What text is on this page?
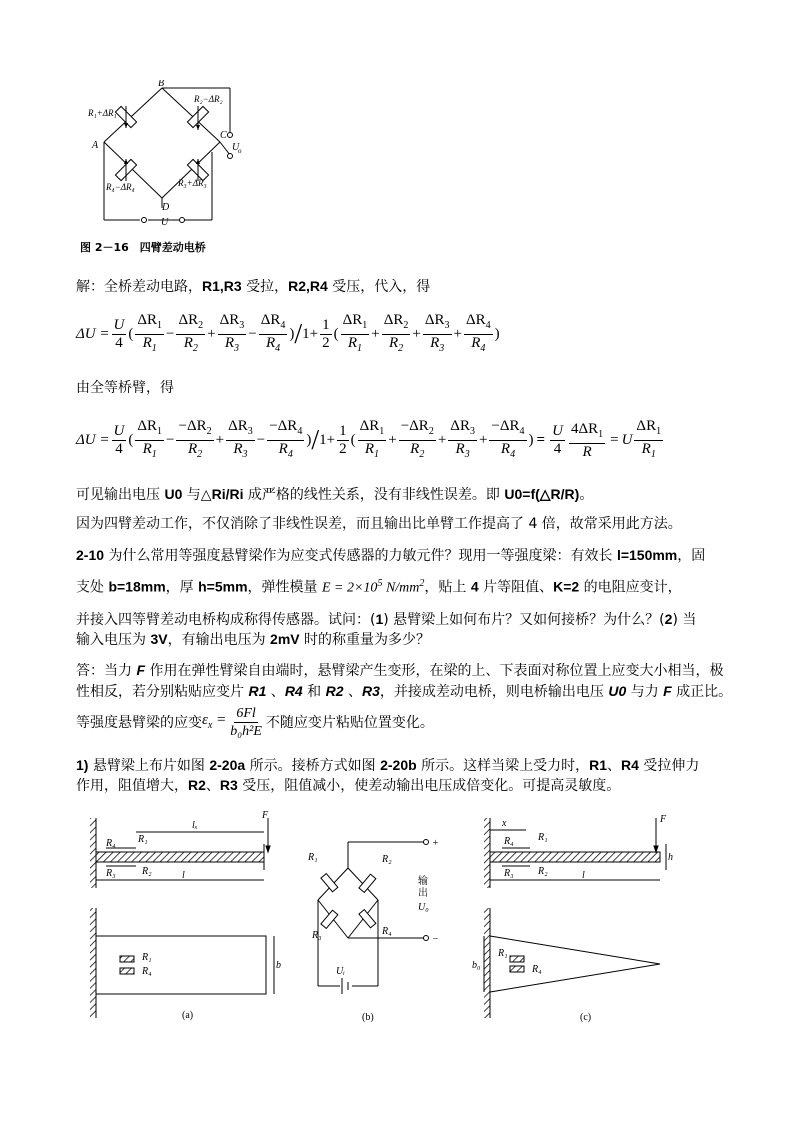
B
A
C
D
U
U
o
R₁+ΔR₁
R₂−ΔR₂
R₃+ΔR₃
R₄−ΔR₄
图 2－16　四臂差动电桥
解：全桥差动电路，R1,R3 受拉，R2,R4 受压，代入，得
$\Delta U = \frac{U}{4}$ ( $\frac{\Delta R_1}{R_1} - \frac{\Delta R_2}{R_2} + \frac{\Delta R_3}{R_3} - \frac{\Delta R_4}{R_4}$ ) / $1+ \frac{1}{2}$ ( $\frac{\Delta R_1}{R_1} + \frac{\Delta R_2}{R_2} + \frac{\Delta R_3}{R_3} + \frac{\Delta R_4}{R_4}$ )
由全等桥臂，得
$\Delta U = \frac{U}{4}$ ( $\frac{\Delta R_1}{R_1} - \frac{-\Delta R_2}{R_2} + \frac{\Delta R_3}{R_3} - \frac{-\Delta R_4}{R_4}$ ) / $1+ \frac{1}{2}$ ( $\frac{\Delta R_1}{R_1} + \frac{-\Delta R_2}{R_2} + \frac{\Delta R_3}{R_3} + \frac{-\Delta R_4}{R_4}$ ) = $\frac{U}{4} \frac{4\Delta R_1}{R} = U \frac{\Delta R_1}{R_1}$
可见输出电压 U0 与△Ri/Ri 成严格的线性关系，没有非线性误差。即 U0=f(△R/R)。
因为四臂差动工作，不仅消除了非线性误差，而且输出比单臂工作提高了 4 倍，故常采用此方法。
2-10 为什么常用等强度悬臂梁作为应变式传感器的力敏元件？现用一等强度梁：有效长 l=150mm，固
支处 b=18mm，厚 h=5mm，弹性模量 $E = 2\times 10^5$ $N/mm^2$，贴上 4 片等阻值、K=2 的电阻应变计，
并接入四等臂差动电桥构成称得传感器。试问：(1) 悬臂梁上如何布片？又如何接桥？为什么？(2) 当
输入电压为 3V，有输出电压为 2mV 时的称重量为多少？
答：当力 F 作用在弹性臂梁自由端时，悬臂梁产生变形，在梁的上、下表面对称位置上应变大小相当，极
性相反，若分别粘贴应变片 R1 、R4 和 R2 、R3，并接成差动电桥，则电桥输出电压 U0 与力 F 成正比。
等强度悬臂梁的应变 $\varepsilon_x = \frac{6Fl}{\text{b₀h²E}}$ 不随应变片粘贴位置变化。
1) 悬臂梁上布片如图 2-20a 所示。接桥方式如图 2-20b 所示。这样当梁上受力时，R1、R4 受拉伸力
作用，阻值增大，R2、R3 受压，阻值减小，使差动输出电压成倍变化。可提高灵敏度。
F
lₓ
l
R₄ R₁
R₃	R₂
b
R₁
R₄
R₁	R₂
R₃	R₄
+
−
输
出
U₀
Uᵢ
F
x
h
l
R₄ R₁
R₃ R₂
b₀
R₁
R₄
(a)	(b)	(c)
